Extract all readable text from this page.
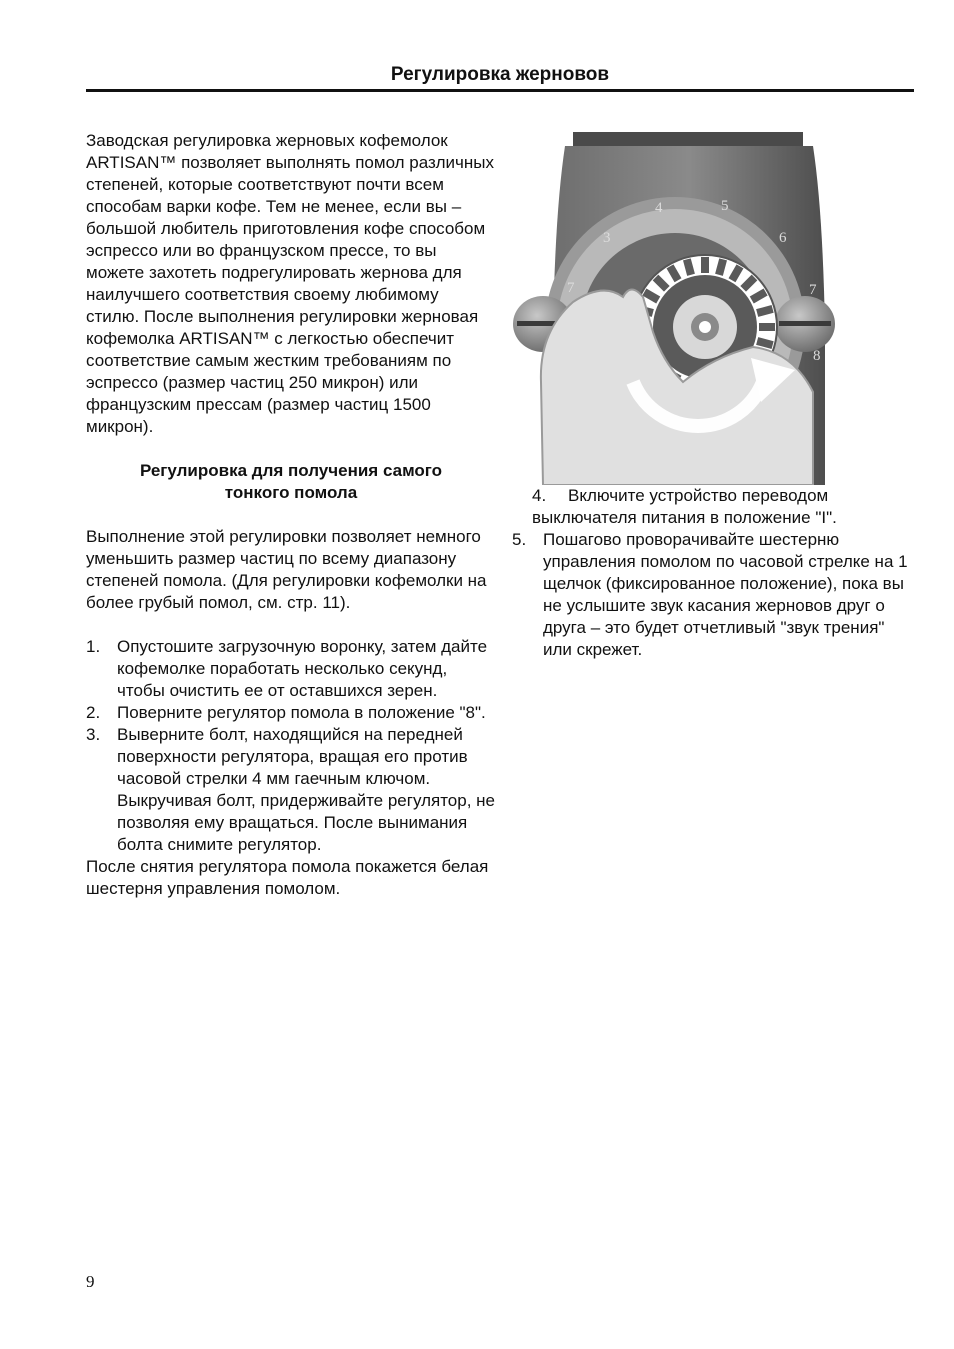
Регулировка жерновов

Заводская регулировка жерновых кофемолок ARTISAN™ позволяет выполнять помол различных степеней, которые соответствуют почти всем способам варки кофе. Тем не менее, если вы – большой любитель приготовления кофе способом эспрессо или во французском прессе, то вы можете захотеть подрегулировать жернова для наилучшего соответствия своему любимому стилю. После выполнения регулировки жерновая кофемолка ARTISAN™ с легкостью обеспечит соответствие самым жестким требованиям по эспрессо (размер частиц 250 микрон) или французским прессам (размер частиц 1500 микрон).

Регулировка для получения самого тонкого помола

Выполнение этой регулировки позволяет немного уменьшить размер частиц по всему диапазону степеней помола. (Для регулировки кофемолки на более грубый помол, см. стр. 11).

1. Опустошите загрузочную воронку, затем дайте кофемолке поработать несколько секунд, чтобы очистить ее от оставшихся зерен.
2. Поверните регулятор помола в положение "8".
3. Выверните болт, находящийся на передней поверхности регулятора, вращая его против часовой стрелки 4 мм гаечным ключом. Выкручивая болт, придерживайте регулятор, не позволяя ему вращаться. После вынимания болта снимите регулятор.

После снятия регулятора помола покажется белая шестерня управления помолом.

3
4	5
6
7	7
8
4. Включите устройство переводом выключателя питания в положение "I".
5. Пошагово проворачивайте шестерню управления помолом по часовой стрелке на 1 щелчок (фиксированное положение), пока вы не услышите звук касания жерновов друг о друга – это будет отчетливый "звук трения" или скрежет.
9
